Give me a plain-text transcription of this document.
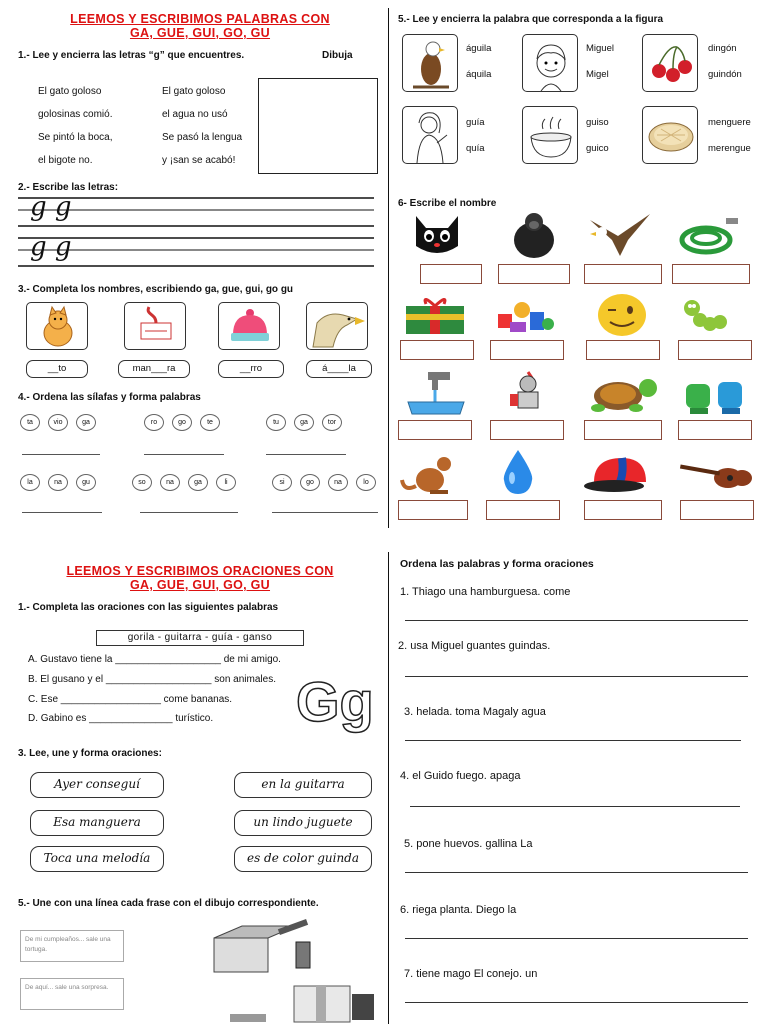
LEEMOS Y ESCRIBIMOS PALABRAS CON
GA, GUE, GUI, GO, GU
1.- Lee y encierra las letras “g” que encuentres.	Dibuja
El gato goloso
golosinas comió.
Se pintó la boca,
el bigote no.
El gato goloso
el agua no usó
Se pasó la lengua
y ¡san se acabó!
2.- Escribe las letras:
g g
g g
3.- Completa los nombres, escribiendo ga, gue, gui, go gu
__to	man___ra	__rro	á____la
4.- Ordena las sílafas y forma palabras
ta	vio	ga	ro	go	te	tu	ga	tor
la	na	gu	so	na	ga	li	si	go	na	lo
5.- Lee y encierra la palabra que corresponda a la figura
águila
áquila
Miguel
Migel
dingón
guindón
guía
quía
guiso
guico
menguere
merengue
6- Escribe el nombre
LEEMOS Y ESCRIBIMOS ORACIONES CON
GA, GUE, GUI, GO, GU
1.- Completa las oraciones con las siguientes palabras
gorila - guitarra - guía - ganso
A. Gustavo tiene la ___________________ de mi amigo.
B. El gusano y el ___________________ son animales.
C. Ese __________________ come bananas.
D. Gabino es _______________ turístico. Gg
3. Lee, une y forma oraciones:
Ayer conseguí
Esa manguera
Toca una melodía
en la guitarra
un lindo juguete
es de color guinda
5.- Une con una línea cada frase con el dibujo correspondiente.
De mi cumpleaños... sale una tortuga.
De aquí... sale una sorpresa.
Ordena las palabras y forma oraciones
1. Thiago una hamburguesa. come
2. usa Miguel guantes guindas.
3. helada. toma Magaly agua
4. el Guido fuego. apaga
5. pone huevos. gallina La
6. riega planta. Diego la
7. tiene mago El conejo. un
